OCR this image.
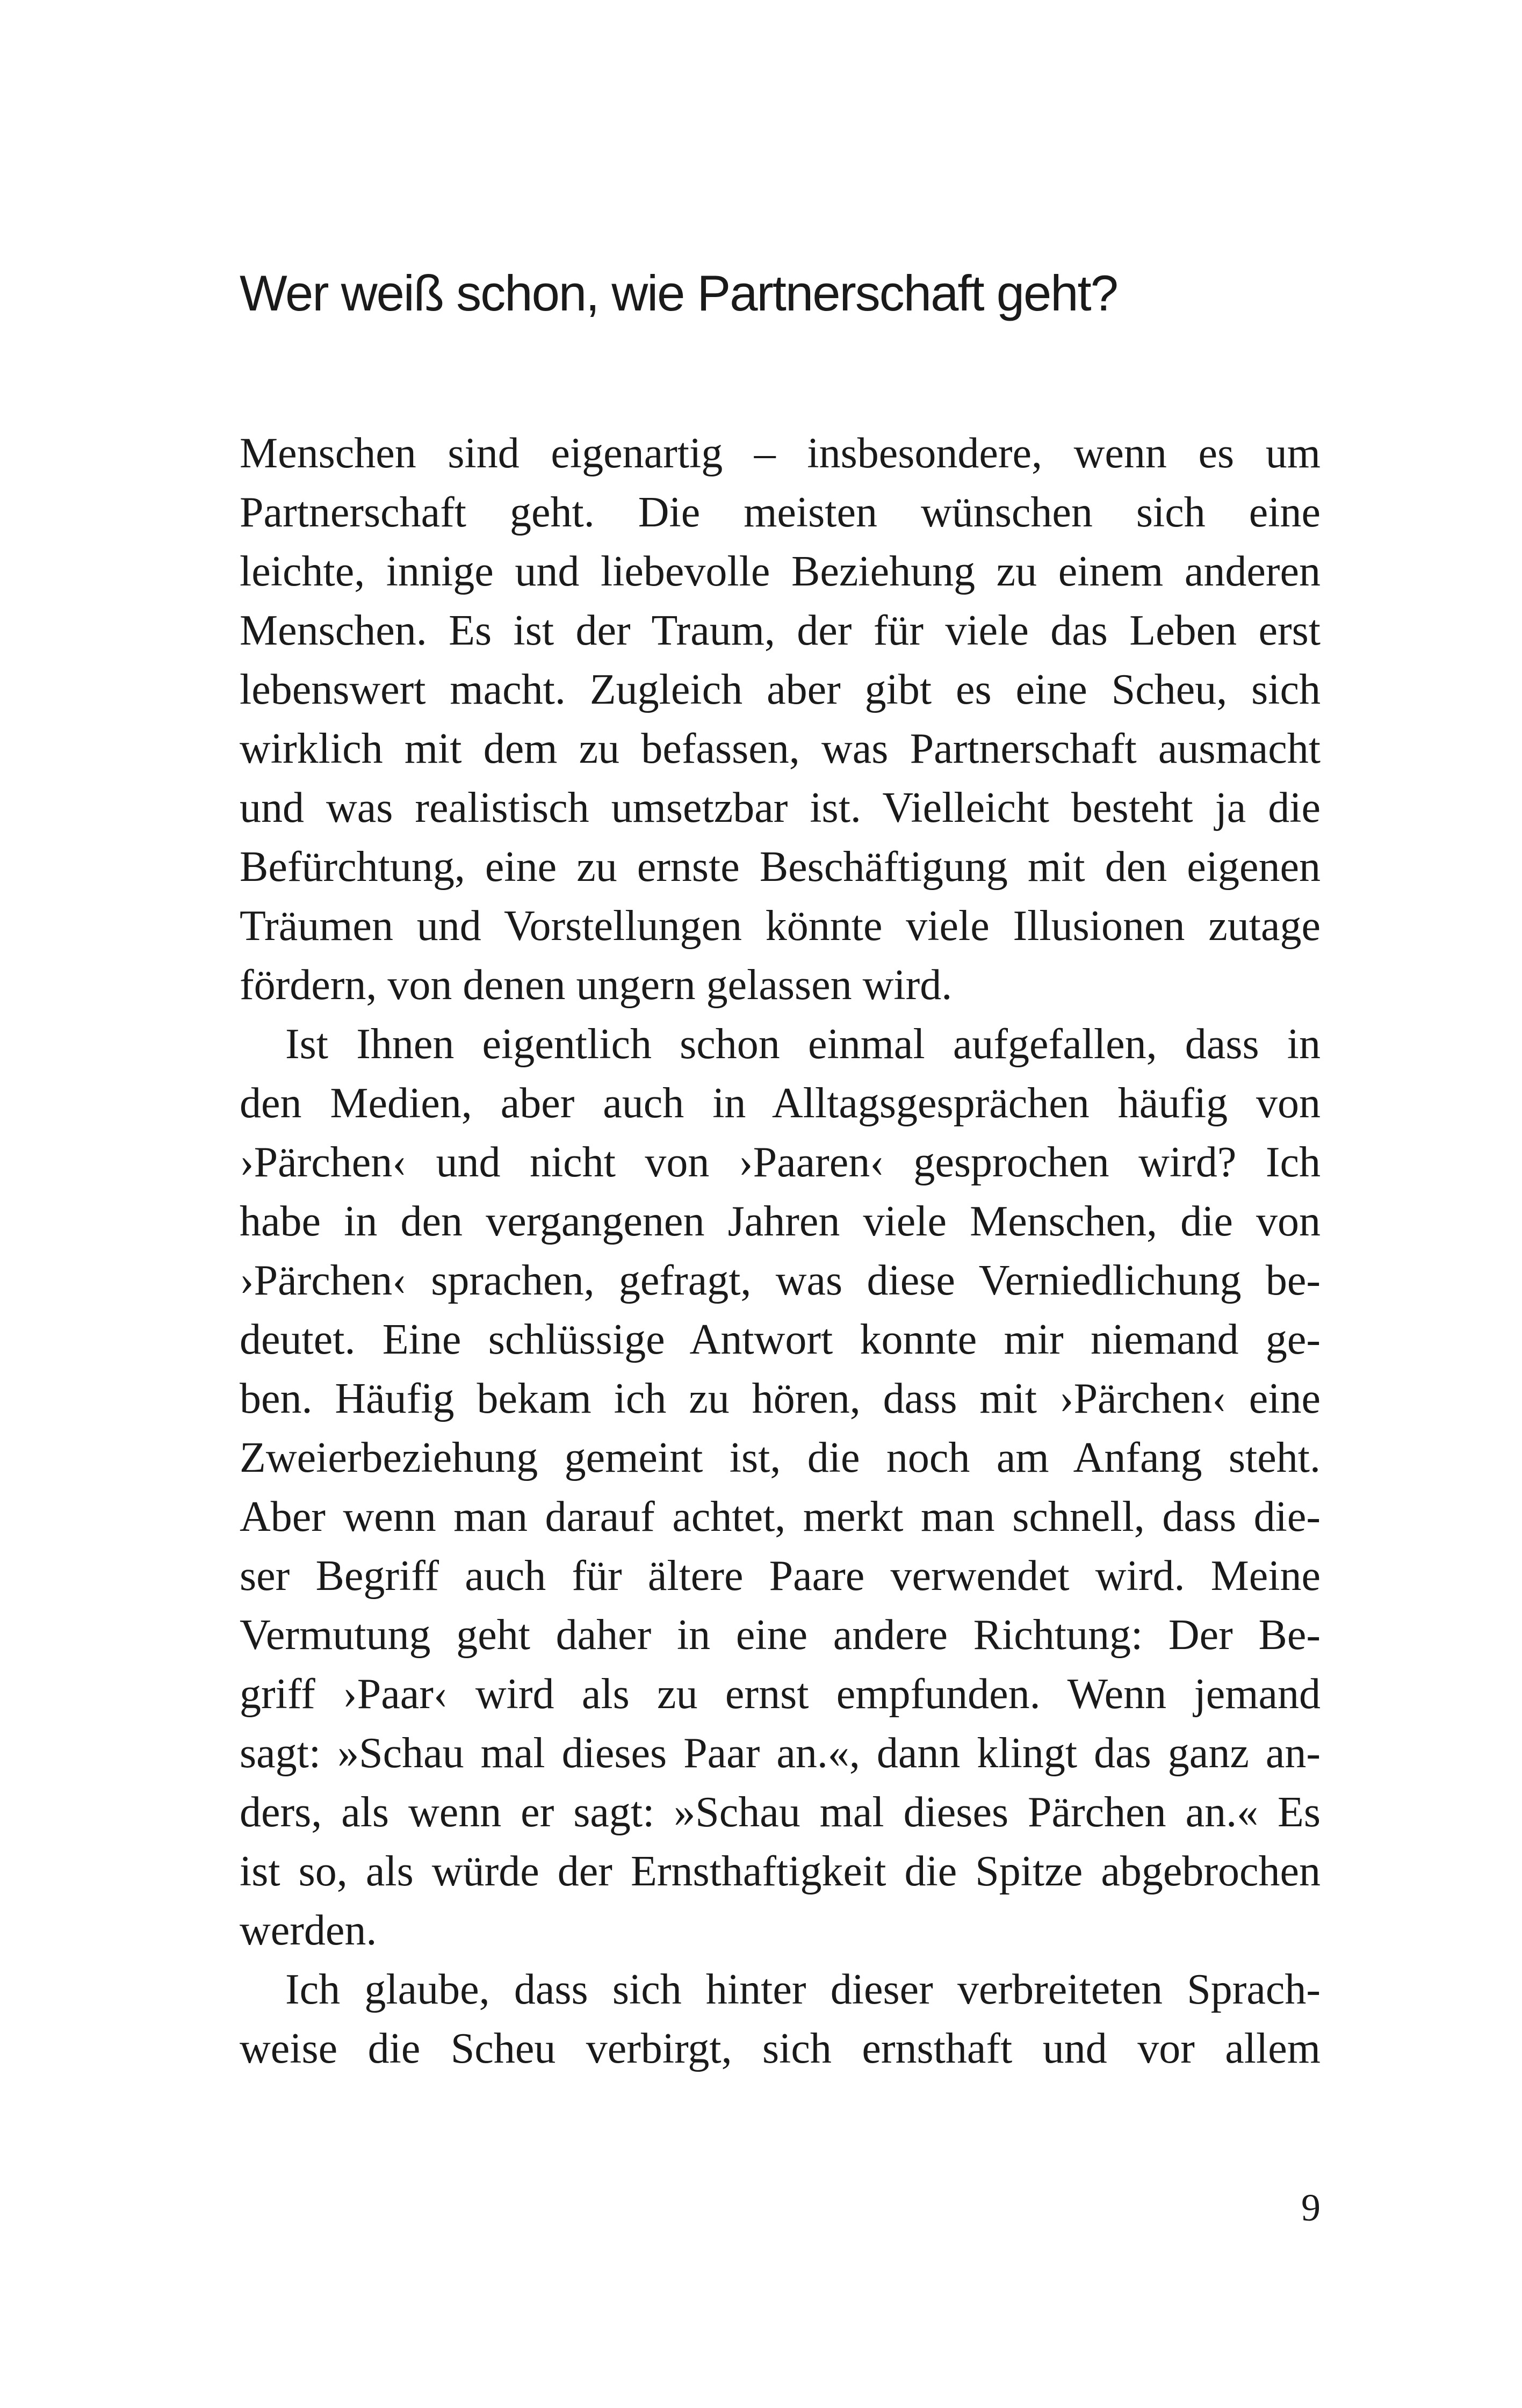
Wer weiß schon, wie Partnerschaft geht?
Menschen sind eigenartig – insbesondere, wenn es um
Partnerschaft geht. Die meisten wünschen sich eine
leichte, innige und liebevolle Beziehung zu einem anderen
Menschen. Es ist der Traum, der für viele das Leben erst
lebenswert macht. Zugleich aber gibt es eine Scheu, sich
wirklich mit dem zu befassen, was Partnerschaft ausmacht
und was realistisch umsetzbar ist. Vielleicht besteht ja die
Befürchtung, eine zu ernste Beschäftigung mit den eigenen
Träumen und Vorstellungen könnte viele Illusionen zutage
fördern, von denen ungern gelassen wird.
Ist Ihnen eigentlich schon einmal aufgefallen, dass in
den Medien, aber auch in Alltagsgesprächen häufig von
›Pärchen‹ und nicht von ›Paaren‹ gesprochen wird? Ich
habe in den vergangenen Jahren viele Menschen, die von
›Pärchen‹ sprachen, gefragt, was diese Verniedlichung be-
deutet. Eine schlüssige Antwort konnte mir niemand ge-
ben. Häufig bekam ich zu hören, dass mit ›Pärchen‹ eine
Zweierbeziehung gemeint ist, die noch am Anfang steht.
Aber wenn man darauf achtet, merkt man schnell, dass die-
ser Begriff auch für ältere Paare verwendet wird. Meine
Vermutung geht daher in eine andere Richtung: Der Be-
griff ›Paar‹ wird als zu ernst empfunden. Wenn jemand
sagt: »Schau mal dieses Paar an.«, dann klingt das ganz an-
ders, als wenn er sagt: »Schau mal dieses Pärchen an.« Es
ist so, als würde der Ernsthaftigkeit die Spitze abgebrochen
werden.
Ich glaube, dass sich hinter dieser verbreiteten Sprach-
weise die Scheu verbirgt, sich ernsthaft und vor allem
9
